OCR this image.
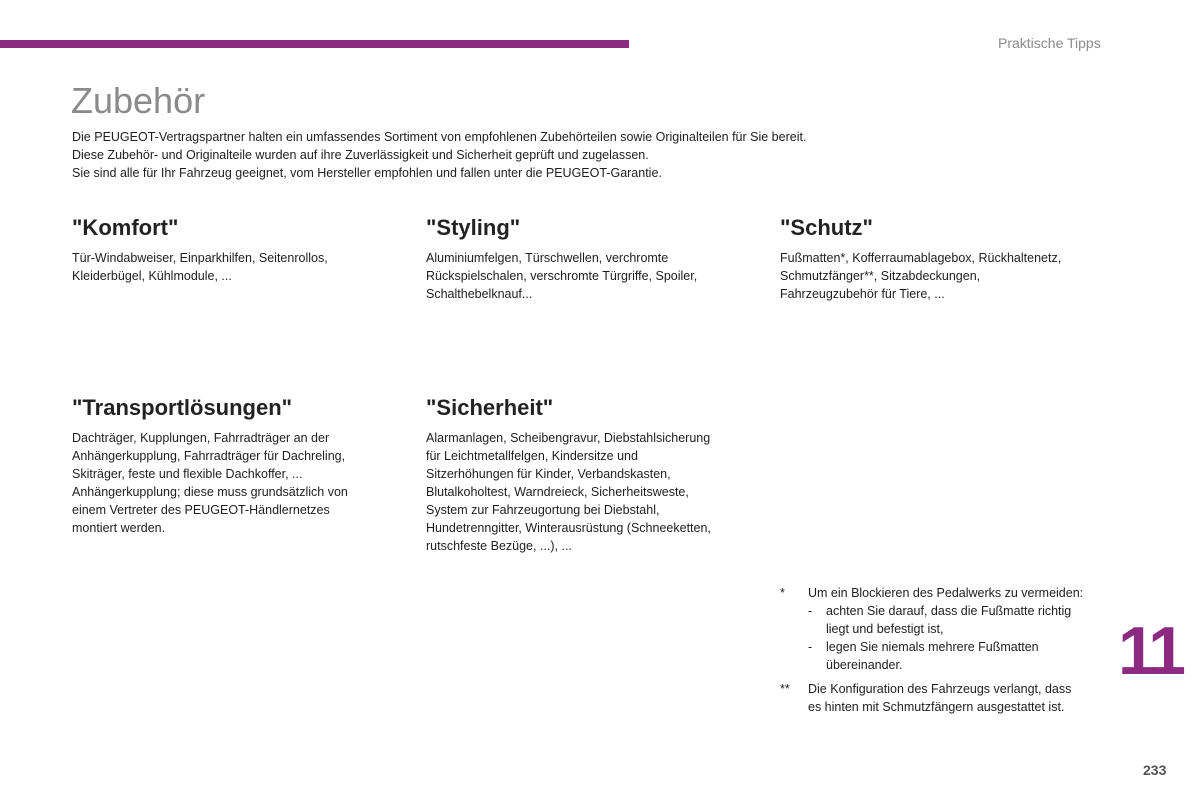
Praktische Tipps
Zubehör

Die PEUGEOT-Vertragspartner halten ein umfassendes Sortiment von empfohlenen Zubehörteilen sowie Originalteilen für Sie bereit.

Diese Zubehör- und Originalteile wurden auf ihre Zuverlässigkeit und Sicherheit geprüft und zugelassen.

Sie sind alle für Ihr Fahrzeug geeignet, vom Hersteller empfohlen und fallen unter die PEUGEOT-Garantie.

"Komfort"
Tür-Windabweiser, Einparkhilfen, Seitenrollos,
Kleiderbügel, Kühlmodule, ...
"Styling"
Aluminiumfelgen, Türschwellen, verchromte
Rückspielschalen, verschromte Türgriffe, Spoiler,
Schalthebelknauf...
"Schutz"
Fußmatten*, Kofferraumablagebox, Rückhaltenetz,
Schmutzfänger**, Sitzabdeckungen,
Fahrzeugzubehör für Tiere, ...
"Transportlösungen"
Dachträger, Kupplungen, Fahrradträger an der
Anhängerkupplung, Fahrradträger für Dachreling,
Skiträger, feste und flexible Dachkoffer, ...
Anhängerkupplung; diese muss grundsätzlich von
einem Vertreter des PEUGEOT-Händlernetzes
montiert werden.
"Sicherheit"
Alarmanlagen, Scheibengravur, Diebstahlsicherung
für Leichtmetallfelgen, Kindersitze und
Sitzerhöhungen für Kinder, Verbandskasten,
Blutalkoholtest, Warndreieck, Sicherheitsweste,
System zur Fahrzeugortung bei Diebstahl,
Hundetrenngitter, Winterausrüstung (Schneeketten,
rutschfeste Bezüge, ...), ...
*	Um ein Blockieren des Pedalwerks zu vermeiden:
-	achten Sie darauf, dass die Fußmatte richtig
liegt und befestigt ist,
-	legen Sie niemals mehrere Fußmatten
übereinander.
**	Die Konfiguration des Fahrzeugs verlangt, dass
es hinten mit Schmutzfängern ausgestattet ist.
11
233
